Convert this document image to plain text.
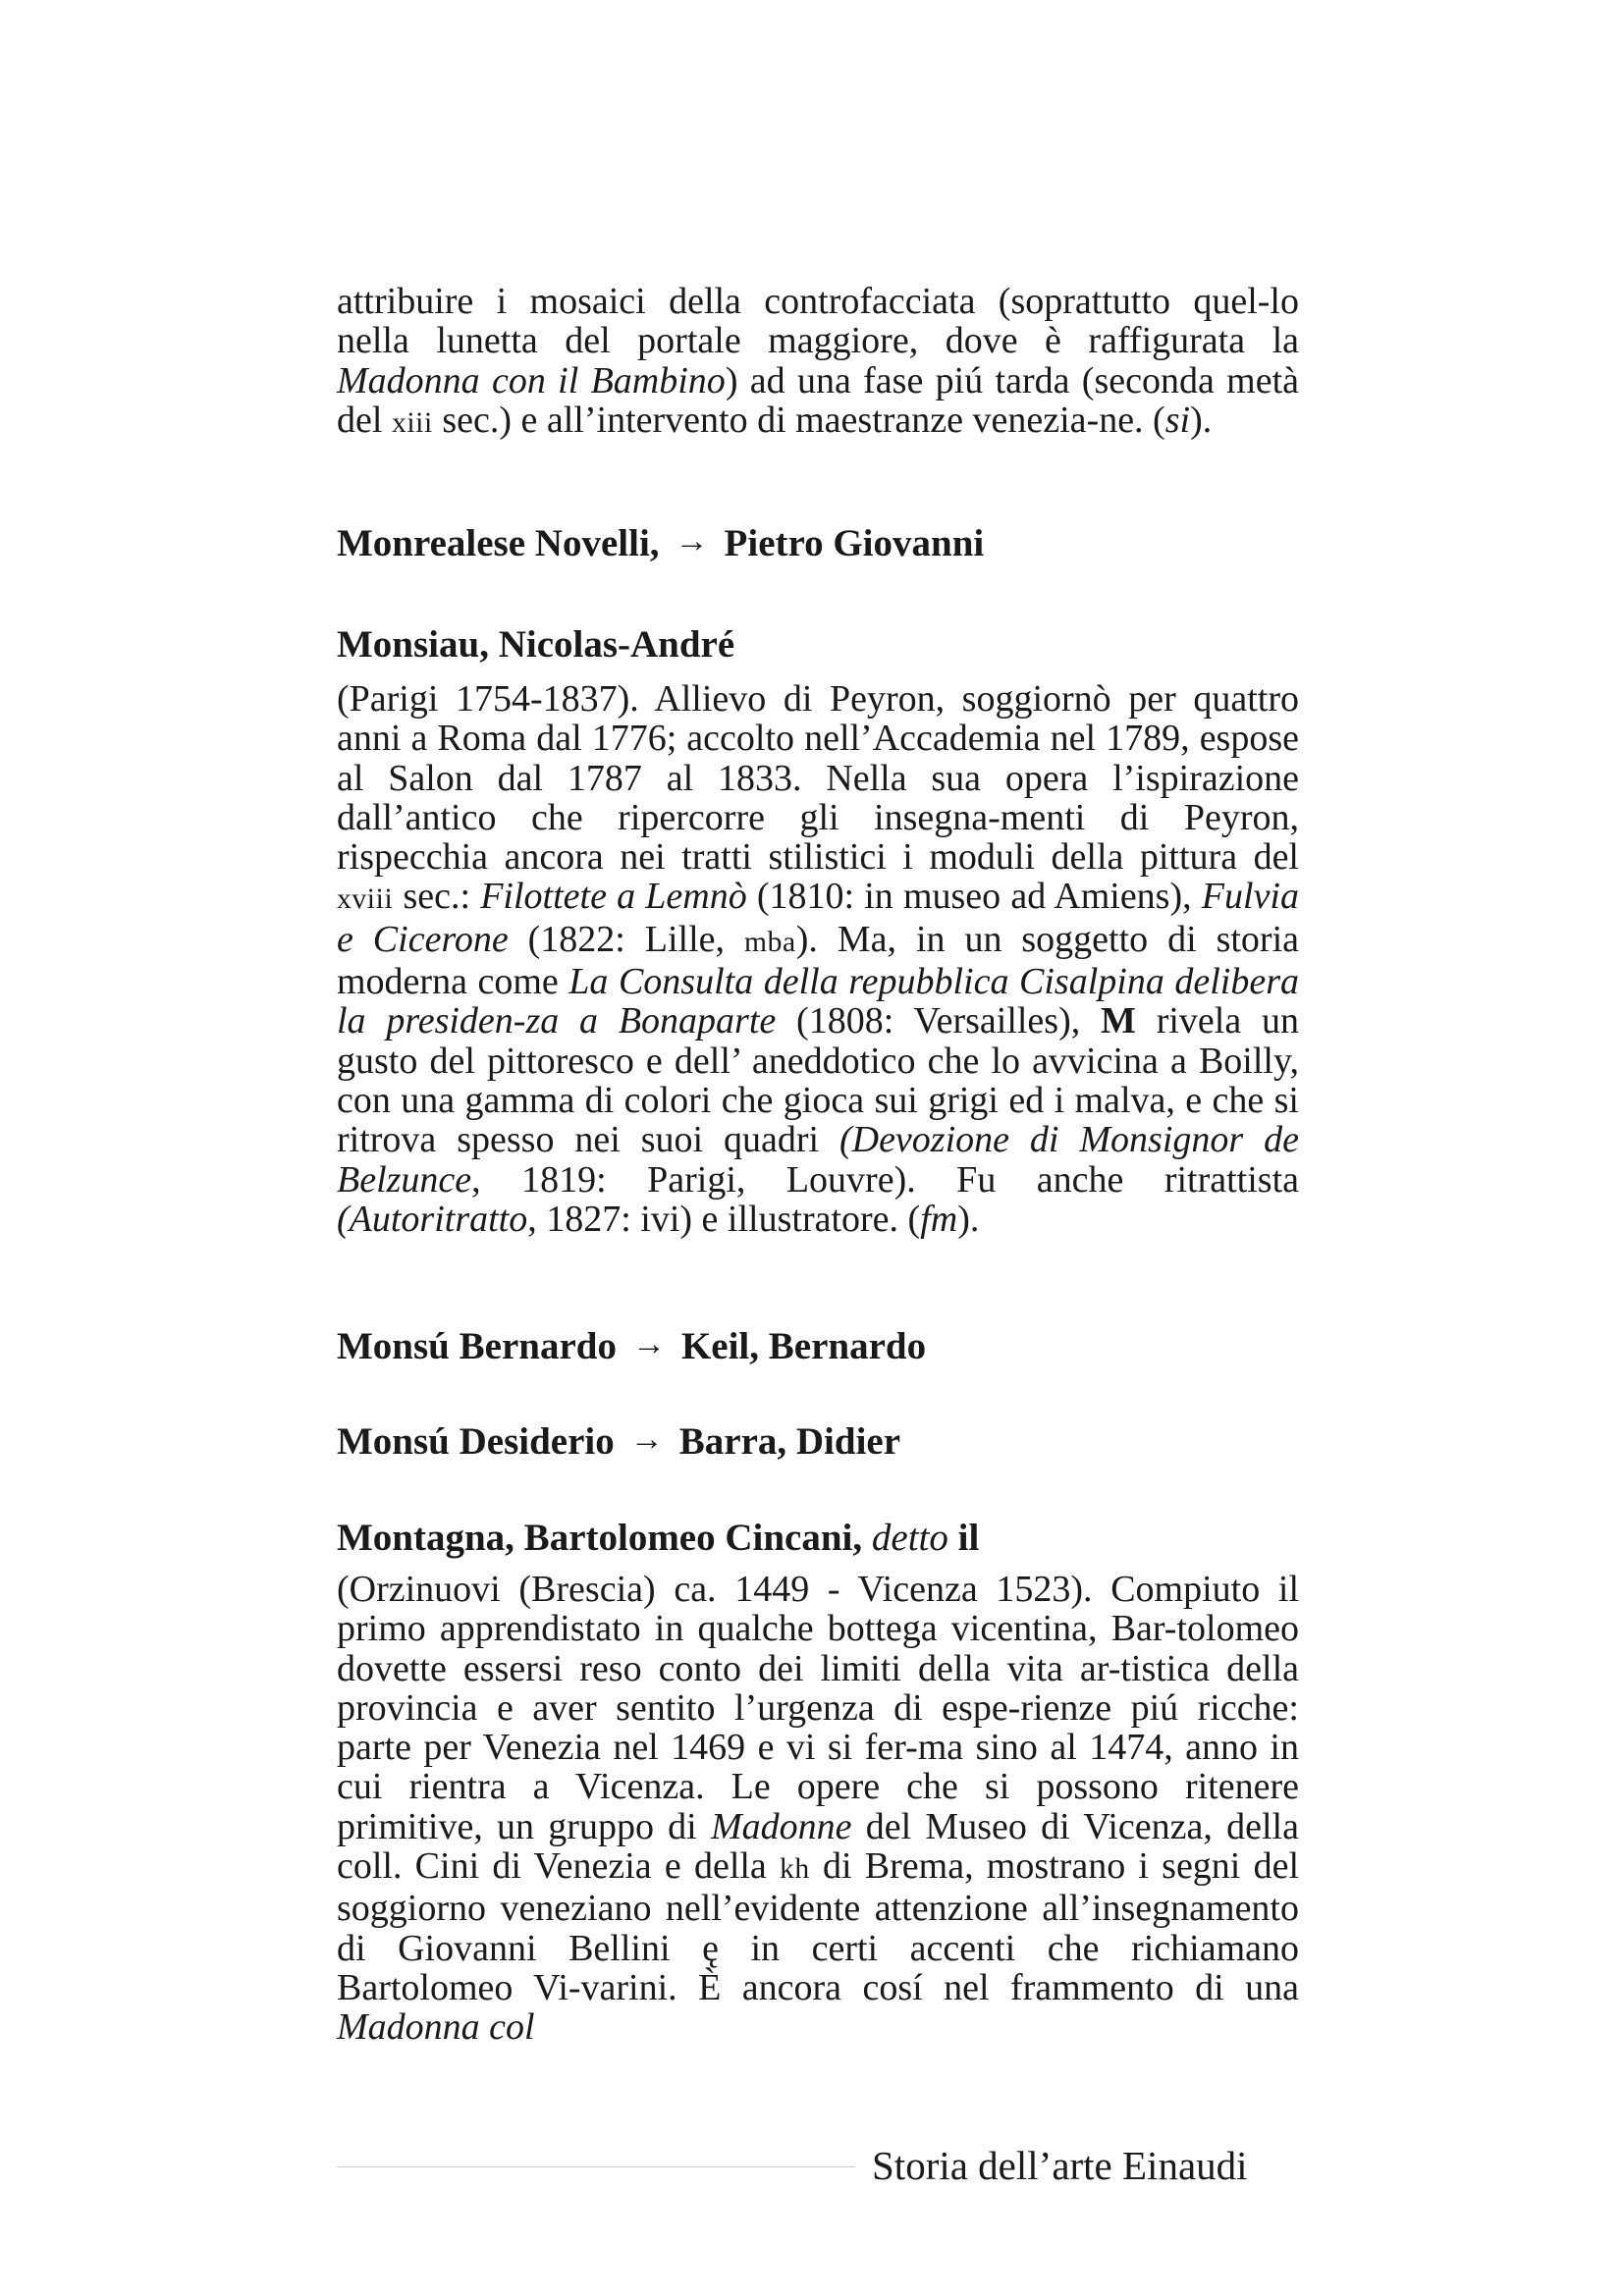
attribuire i mosaici della controfacciata (soprattutto quel-lo nella lunetta del portale maggiore, dove è raffigurata la Madonna con il Bambino) ad una fase piú tarda (seconda metà del xiii sec.) e all’intervento di maestranze venezia-ne. (si).

Monrealese Novelli, → Pietro Giovanni

Monsiau, Nicolas-André

(Parigi 1754-1837). Allievo di Peyron, soggiornò per quattro anni a Roma dal 1776; accolto nell’Accademia nel 1789, espose al Salon dal 1787 al 1833. Nella sua opera l’ispirazione dall’antico che ripercorre gli insegna-menti di Peyron, rispecchia ancora nei tratti stilistici i moduli della pittura del xviii sec.: Filottete a Lemnò (1810: in museo ad Amiens), Fulvia e Cicerone (1822: Lille, mba). Ma, in un soggetto di storia moderna come La Consulta della repubblica Cisalpina delibera la presiden-za a Bonaparte (1808: Versailles), M rivela un gusto del pittoresco e dell’ aneddotico che lo avvicina a Boilly, con una gamma di colori che gioca sui grigi ed i malva, e che si ritrova spesso nei suoi quadri (Devozione di Monsignor de Belzunce, 1819: Parigi, Louvre). Fu anche ritrattista (Autoritratto, 1827: ivi) e illustratore. (fm).

Monsú Bernardo → Keil, Bernardo

Monsú Desiderio → Barra, Didier

Montagna, Bartolomeo Cincani, detto il

(Orzinuovi (Brescia) ca. 1449 - Vicenza 1523). Compiuto il primo apprendistato in qualche bottega vicentina, Bar-tolomeo dovette essersi reso conto dei limiti della vita ar-tistica della provincia e aver sentito l’urgenza di espe-rienze piú ricche: parte per Venezia nel 1469 e vi si fer-ma sino al 1474, anno in cui rientra a Vicenza. Le opere che si possono ritenere primitive, un gruppo di Madonne del Museo di Vicenza, della coll. Cini di Venezia e della kh di Brema, mostrano i segni del soggiorno veneziano nell’evidente attenzione all’insegnamento di Giovanni Bellini ę in certi accenti che richiamano Bartolomeo Vi-varini. È ancora cosí nel frammento di una Madonna col

Storia dell’arte Einaudi
